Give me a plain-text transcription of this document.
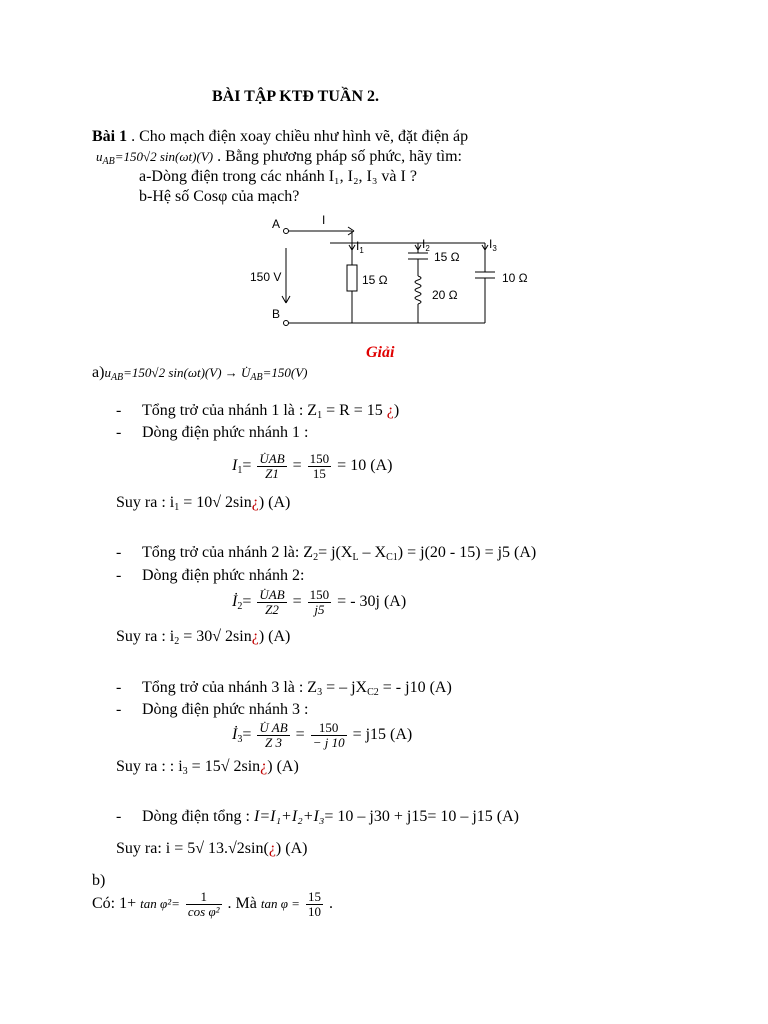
BÀI TẬP KTĐ TUẦN 2.
Bài 1 . Cho mạch điện xoay chiều như hình vẽ, đặt điện áp
$u_{AB}=150√2$ sin(ωt)(V) . Bằng phương pháp số phức, hãy tìm:
a-Dòng điện trong các nhánh I₁, I₂, I₃ và I ?
b-Hệ số Cosφ của mạch?
A
B
I
$I_1$	$I_2$	$I_3$
150 V	15 Ω
15 Ω
20 Ω
10 Ω
Giải
$a)u_{AB}=150√2$ $\sin(\omega t)(V) \to U̇_{AB}=150(V)$
- Tổng trở của nhánh 1 là : $Z_1 = R = 15$ ¿)
- Dòng điện phức nhánh 1 :
$I_1= \frac{U̇AB}{Z1} = \frac{150}{15} = 10$ (A)
Suy ra : $i_1 = 10√$ 2sin¿) (A)
- Tổng trở của nhánh 2 là: $Z_2= j(X_L - X_{C1}) = j(20 - 15) = j5$ (A)
- Dòng điện phức nhánh 2:
$İ_2= \frac{U̇AB}{Z2} = \frac{150}{j5}$ = - 30j (A)
Suy ra : $i_2 = 30√$ 2sin¿) (A)
- Tổng trở của nhánh 3 là : $Z_3$ = – $jX_{C2}$ = - j10 (A)
- Dòng điện phức nhánh 3 :
$İ_3= \frac{U̇ AB}{Z 3} = \frac{150}{- j 10} = j15$ (A)
Suy ra : : $i_3 = 15√$ 2sin¿) (A)
- Dòng điện tổng : I=I₁+I₂+I₃= 10 – j30 + j15= 10 – j15 (A)
Suy ra: i = 5√ 13.√2sin(¿) (A)
b)
Có: $1+ \tan \varphi^2= \frac{1}{\text{cos φ²}}$ . Mà $\tan \varphi = \frac{15}{10}$ .
